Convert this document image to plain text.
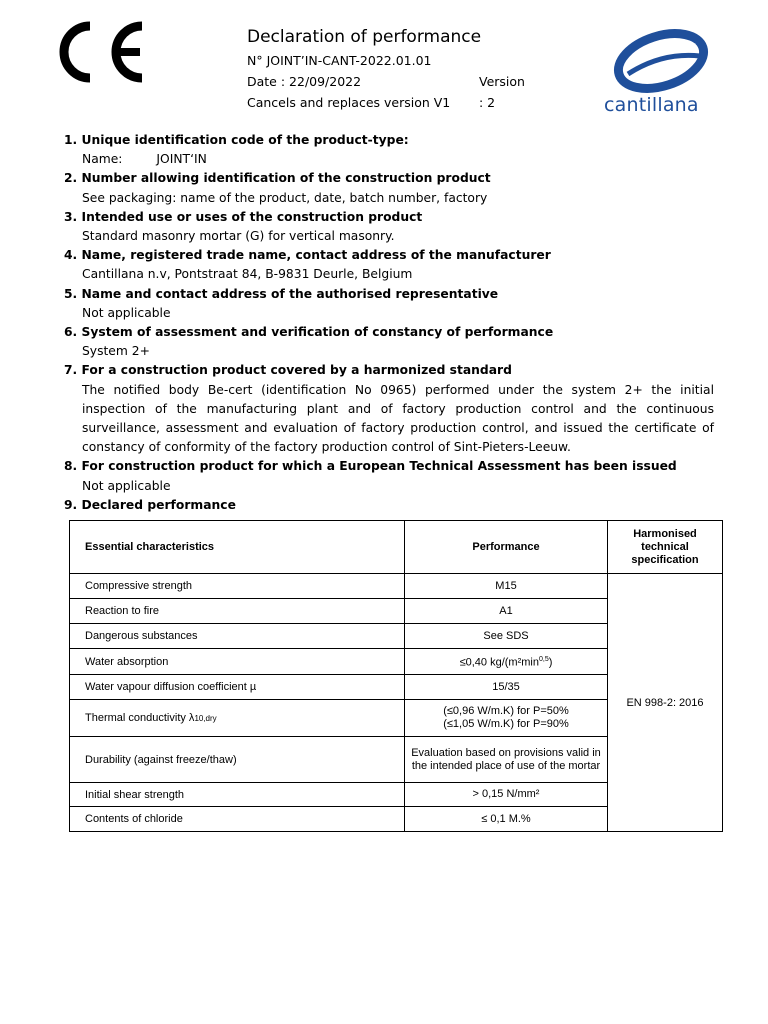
Declaration of performance
N° JOINT’IN-CANT-2022.01.01
Date : 22/09/2022	Version : 2
Cancels and replaces version V1	cantillana
1. Unique identification code of the product-type:
Name:	JOINT‘IN
2. Number allowing identification of the construction product
See packaging: name of the product, date, batch number, factory
3. Intended use or uses of the construction product
Standard masonry mortar (G) for vertical masonry.
4. Name, registered trade name, contact address of the manufacturer
Cantillana n.v, Pontstraat 84, B-9831 Deurle, Belgium
5. Name and contact address of the authorised representative
Not applicable
6. System of assessment and verification of constancy of performance
System 2+
7. For a construction product covered by a harmonized standard
The notified body Be-cert (identification No 0965) performed under the system 2+ the initial inspection of the manufacturing plant and of factory production control and the continuous surveillance, assessment and evaluation of factory production control, and issued the certificate of constancy of conformity of the factory production control of Sint-Pieters-Leeuw.
8. For construction product for which a European Technical Assessment has been issued
Not applicable
9. Declared performance
Essential characteristics	Performance	Harmonised technical specification
Compressive strength	M15	EN 998-2: 2016
Reaction to fire	A1	
Dangerous substances	See SDS	
Water absorption	≤0,40 $kg/(m^2\min^{0,5})$	
Water vapour diffusion coefficient µ	15/35	
Thermal conductivity λ10,dry	(≤0,96 W/m.K) for P=50%
(≤1,05 W/m.K) for P=90%	

Durability (against freeze/thaw)	Evaluation based on provisions valid in the intended place of use of the mortar	
Initial shear strength	> 0,15 N/mm²	
Contents of chloride	≤ 0,1 M.%	
